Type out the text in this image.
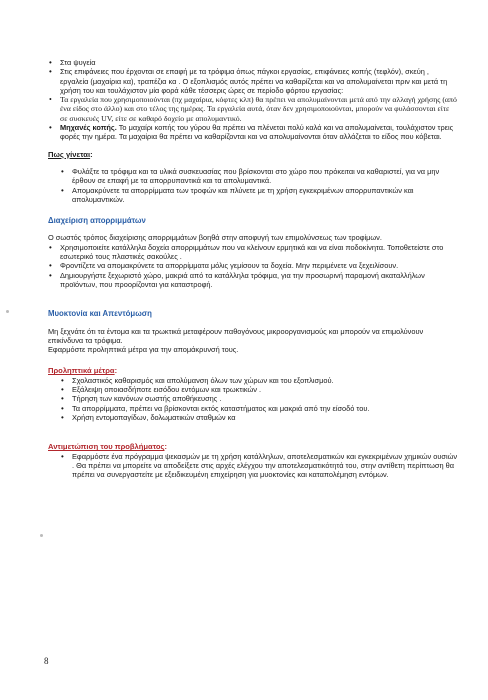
• Στα ψυγεία
• Στις επιφάνειες που έρχονται σε επαφή με τα τρόφιμα όπως πάγκοι εργασίας, επιφάνειες κοπής (τεφλόν), σκεύη , εργαλεία (μαχαίρια κα), τραπέζια κα . Ο εξοπλισμός αυτός πρέπει να καθαρίζεται και να απολυμαίνεται πριν και μετά τη χρήση του και τουλάχιστον μία φορά κάθε τέσσερις ώρες σε περίοδο φόρτου εργασίας:
• Τα εργαλεία που χρησιμοποιούνται (πχ μαχαίρια, κόφτες κλπ) θα πρέπει να απολυμαίνονται μετά από την αλλαγή χρήσης (από ένα είδος στο άλλο) και στο τέλος της ημέρας. Τα εργαλεία αυτά, όταν δεν χρησιμοποιούνται, μπορούν να φυλάσσονται είτε σε συσκευές UV, είτε σε καθαρό δοχείο με απολυμαντικό.
• Μηχανές κοπής. Το μαχαίρι κοπής του γύρου θα πρέπει να πλένεται πολύ καλά και να απολυμαίνεται, τουλάχιστον τρεις φορές την ημέρα. Τα μαχαίρια θα πρέπει να καθαρίζονται και να απολυμαίνονται όταν αλλάζεται το είδος που κόβεται.

Πως γίνεται:

• Φυλάξτε τα τρόφιμα και τα υλικά συσκευασίας που βρίσκονται στο χώρο που πρόκειται να καθαριστεί, για να μην έρθουν σε επαφή με τα απορρυπαντικά και τα απολυμαντικά.
• Απομακρύνετε τα απορρίμματα των τροφών και πλύνετε με τη χρήση εγκεκριμένων απορρυπαντικών και απολυμαντικών.

Διαχείριση απορριμμάτων

Ο σωστός τρόπος διαχείρισης απορριμμάτων βοηθά στην αποφυγή των επιμολύνσεως των τροφίμων.

• Χρησιμοποιείτε κατάλληλα δοχεία απορριμμάτων που να κλείνουν ερμητικά και να είναι ποδοκίνητα. Τοποθετείστε στο εσωτερικό τους πλαστικές σακούλες .
• Φροντίζετε να απομακρύνετε τα απορρίμματα μόλις γεμίσουν τα δοχεία. Μην περιμένετε να ξεχειλίσουν.
• Δημιουργήστε ξεχωριστό χώρο, μακριά από τα κατάλληλα τρόφιμα, για την προσωρινή παραμονή ακαταλλήλων προϊόντων, που προορίζονται για καταστροφή.

Μυοκτονία και Απεντόμωση

Μη ξεχνάτε ότι τα έντομα και τα τρωκτικά μεταφέρουν παθογόνους μικροοργανισμούς και μπορούν να επιμολύνουν επικίνδυνα τα τρόφιμα.

Εφαρμόστε προληπτικά μέτρα για την απομάκρυνσή τους.

Προληπτικά μέτρα:

• Σχολαστικός καθαρισμός και απολύμανση όλων των χώρων και του εξοπλισμού.
• Εξάλειψη οποιασδήποτε εισόδου εντόμων και τρωκτικών .
• Τήρηση των κανόνων σωστής αποθήκευσης .
• Τα απορρίμματα, πρέπει να βρίσκονται εκτός καταστήματος και μακριά από την είσοδό του.
• Χρήση εντομοπαγίδων, δολωματικών σταθμών κα

Αντιμετώπιση του προβλήματος:

• Εφαρμόστε ένα πρόγραμμα ψεκασμών με τη χρήση κατάλληλων, αποτελεσματικών και εγκεκριμένων χημικών ουσιών . Θα πρέπει να μπορείτε να αποδείξετε στις αρχές ελέγχου την αποτελεσματικότητά του, στην αντίθετη περίπτωση θα πρέπει να συνεργαστείτε με εξειδικευμένη επιχείρηση για μυοκτονίες και καταπολέμηση εντόμων.
8
